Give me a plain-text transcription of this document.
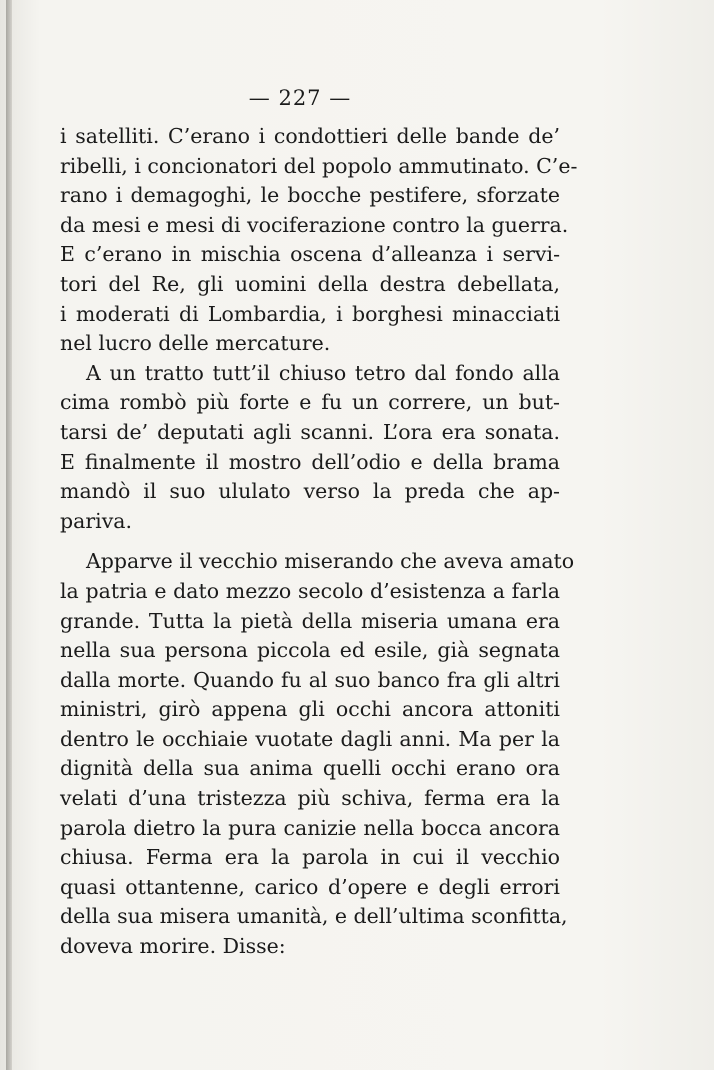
— 227 —
i satelliti. C’erano i condottieri delle bande de’
ribelli, i concionatori del popolo ammutinato. C’e-
rano i demagoghi, le bocche pestifere, sforzate
da mesi e mesi di vociferazione contro la guerra.
E c’erano in mischia oscena d’alleanza i servi-
tori del Re, gli uomini della destra debellata,
i moderati di Lombardia, i borghesi minacciati
nel lucro delle mercature.
A un tratto tutt’il chiuso tetro dal fondo alla
cima rombò più forte e fu un correre, un but-
tarsi de’ deputati agli scanni. L’ora era sonata.
E finalmente il mostro dell’odio e della brama
mandò il suo ululato verso la preda che ap-
pariva.
Apparve il vecchio miserando che aveva amato
la patria e dato mezzo secolo d’esistenza a farla
grande. Tutta la pietà della miseria umana era
nella sua persona piccola ed esile, già segnata
dalla morte. Quando fu al suo banco fra gli altri
ministri, girò appena gli occhi ancora attoniti
dentro le occhiaie vuotate dagli anni. Ma per la
dignità della sua anima quelli occhi erano ora
velati d’una tristezza più schiva, ferma era la
parola dietro la pura canizie nella bocca ancora
chiusa. Ferma era la parola in cui il vecchio
quasi ottantenne, carico d’opere e degli errori
della sua misera umanità, e dell’ultima sconfitta,
doveva morire. Disse:
